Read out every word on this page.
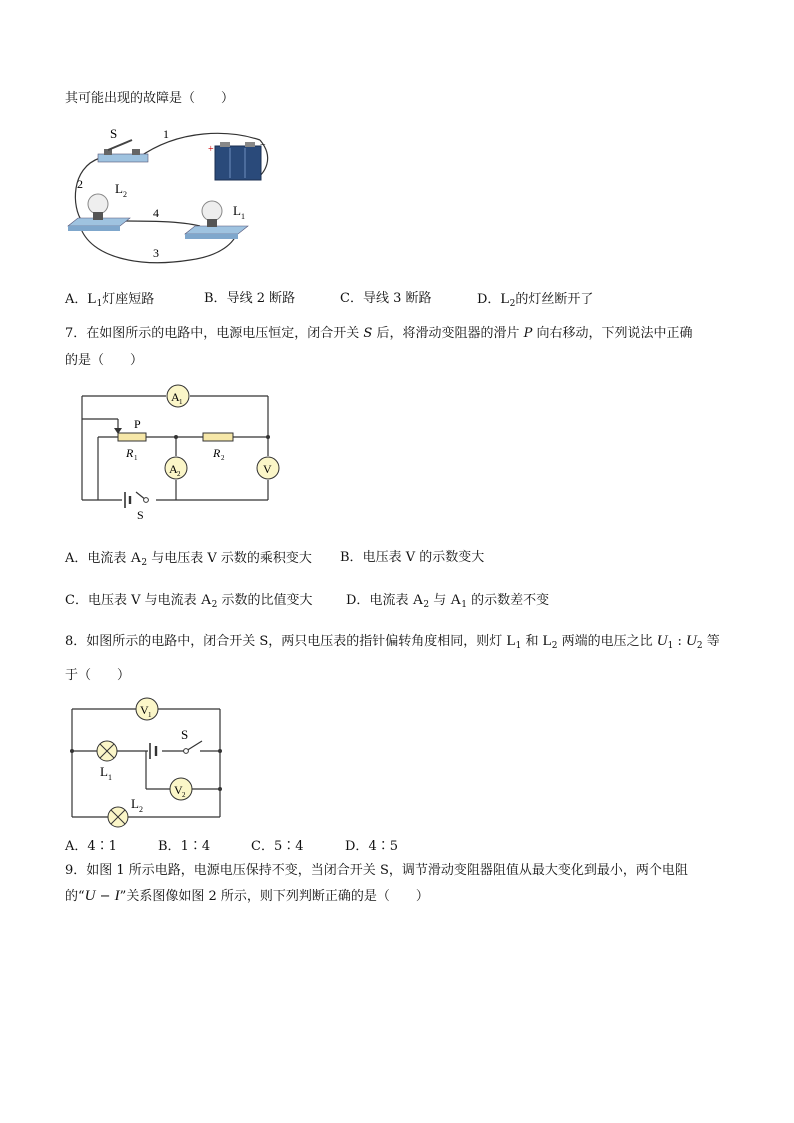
其可能出现的故障是（　　）
S	1
+	−
2 L 2
4	L 1
3
A．$L_1$灯座短路	B．导线 2 断路	C．导线 3 断路	D．$L_2$的灯丝断开了
7．在如图所示的电路中，电源电压恒定，闭合开关 S 后，将滑动变阻器的滑片 P 向右移动，下列说法中正确
的是（　　）
A 1
P
R 1	R 2
A 2	V
S
A．电流表 $A_2$ 与电压表 V 示数的乘积变大 B．电压表 V 的示数变大
C．电压表 V 与电流表 $A_2$ 示数的比值变大	D．电流表 $A_2$ 与 $A_1$ 的示数差不变
8．如图所示的电路中，闭合开关 S，两只电压表的指针偏转角度相同，则灯 $L_1$ 和 $L_2$ 两端的电压之比 $U_1$ : $U_2$ 等
于（　　）
V 1
S
L 1
V 2
L 2
A．4∶1	B．1∶4	C．5∶4	D．4∶5
9．如图 1 所示电路，电源电压保持不变，当闭合开关 S，调节滑动变阻器阻值从最大变化到最小，两个电阻
的“U − I”关系图像如图 2 所示，则下列判断正确的是（　　）
